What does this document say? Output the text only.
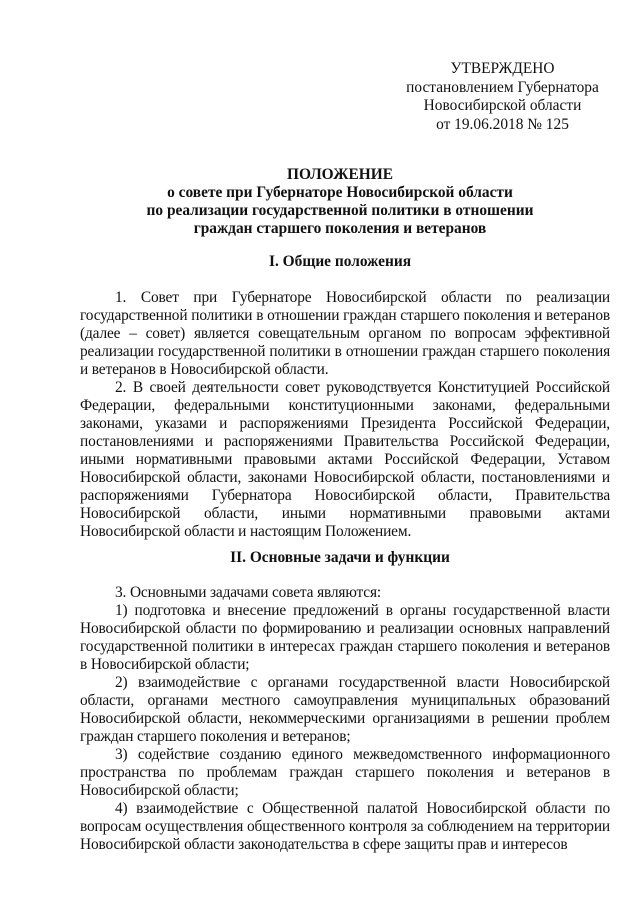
УТВЕРЖДЕНО
постановлением Губернатора
Новосибирской области
от 19.06.2018 № 125
ПОЛОЖЕНИЕ
о совете при Губернаторе Новосибирской области
по реализации государственной политики в отношении
граждан старшего поколения и ветеранов
I. Общие положения

1. Совет при Губернаторе Новосибирской области по реализации государственной политики в отношении граждан старшего поколения и ветеранов (далее – совет) является совещательным органом по вопросам эффективной реализации государственной политики в отношении граждан старшего поколения и ветеранов в Новосибирской области.

2. В своей деятельности совет руководствуется Конституцией Российской Федерации, федеральными конституционными законами, федеральными законами, указами и распоряжениями Президента Российской Федерации, постановлениями и распоряжениями Правительства Российской Федерации, иными нормативными правовыми актами Российской Федерации, Уставом Новосибирской области, законами Новосибирской области, постановлениями и распоряжениями Губернатора Новосибирской области, Правительства Новосибирской области, иными нормативными правовыми актами Новосибирской области и настоящим Положением.

II. Основные задачи и функции

3. Основными задачами совета являются:

1) подготовка и внесение предложений в органы государственной власти Новосибирской области по формированию и реализации основных направлений государственной политики в интересах граждан старшего поколения и ветеранов в Новосибирской области;

2) взаимодействие с органами государственной власти Новосибирской области, органами местного самоуправления муниципальных образований Новосибирской области, некоммерческими организациями в решении проблем граждан старшего поколения и ветеранов;

3) содействие созданию единого межведомственного информационного пространства по проблемам граждан старшего поколения и ветеранов в Новосибирской области;

4) взаимодействие с Общественной палатой Новосибирской области по вопросам осуществления общественного контроля за соблюдением на территории Новосибирской области законодательства в сфере защиты прав и интересов
